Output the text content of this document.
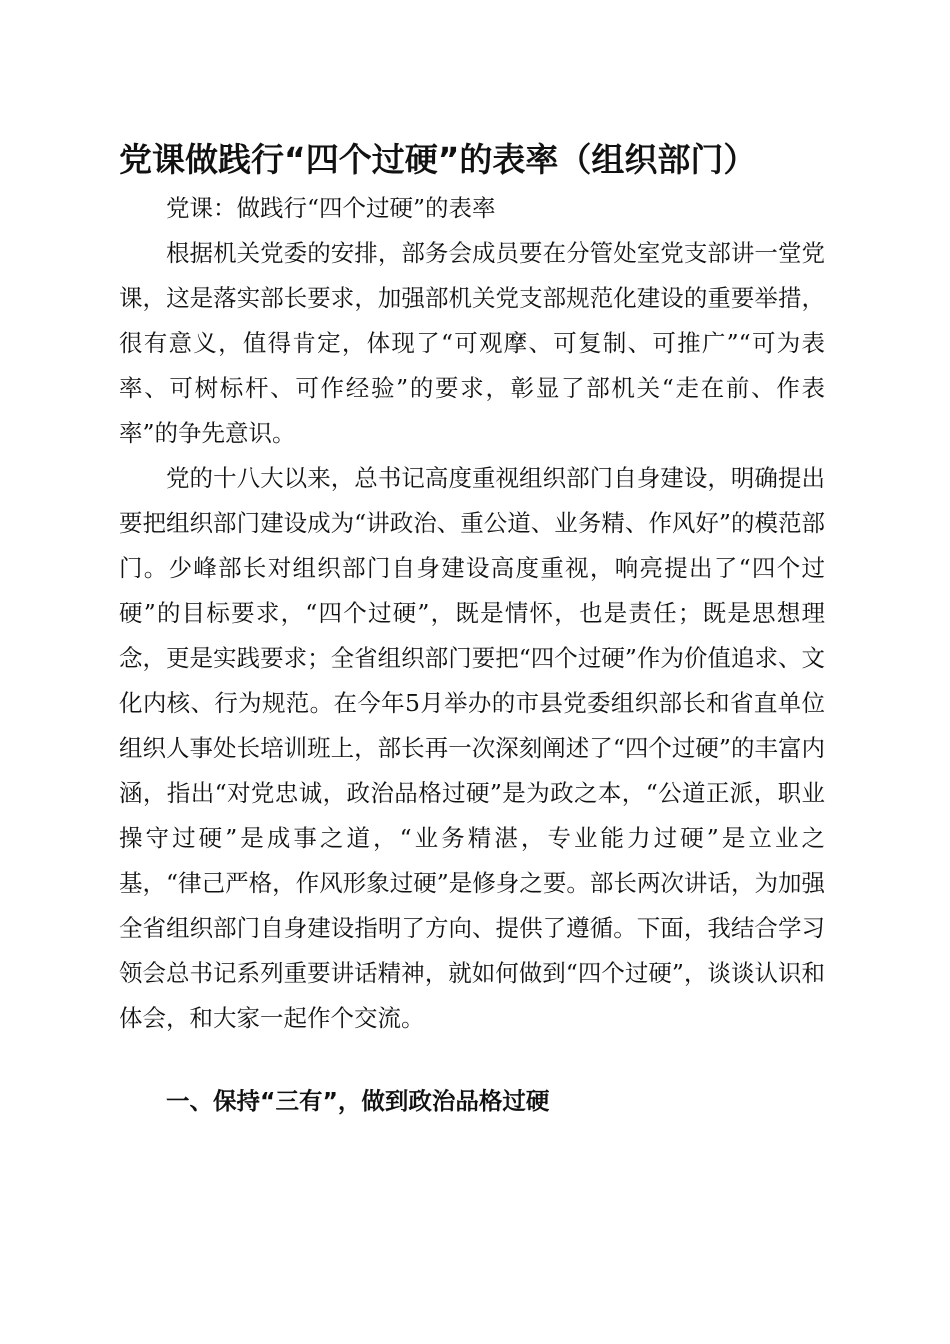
党课做践行“四个过硬”的表率（组织部门）
党课：做践行“四个过硬”的表率
根据机关党委的安排，部务会成员要在分管处室党支部讲一堂党课，这是落实部长要求，加强部机关党支部规范化建设的重要举措，很有意义，值得肯定，体现了“可观摩、可复制、可推广”“可为表率、可树标杆、可作经验”的要求，彰显了部机关“走在前、作表率”的争先意识。
党的十八大以来，总书记高度重视组织部门自身建设，明确提出要把组织部门建设成为“讲政治、重公道、业务精、作风好”的模范部门。少峰部长对组织部门自身建设高度重视，响亮提出了“四个过硬”的目标要求，“四个过硬”，既是情怀，也是责任；既是思想理念，更是实践要求；全省组织部门要把“四个过硬”作为价值追求、文化内核、行为规范。在今年5月举办的市县党委组织部长和省直单位组织人事处长培训班上，部长再一次深刻阐述了“四个过硬”的丰富内涵，指出“对党忠诚，政治品格过硬”是为政之本，“公道正派，职业操守过硬”是成事之道，“业务精湛，专业能力过硬”是立业之基，“律己严格，作风形象过硬”是修身之要。部长两次讲话，为加强全省组织部门自身建设指明了方向、提供了遵循。下面，我结合学习领会总书记系列重要讲话精神，就如何做到“四个过硬”，谈谈认识和体会，和大家一起作个交流。
一、保持“三有”，做到政治品格过硬
